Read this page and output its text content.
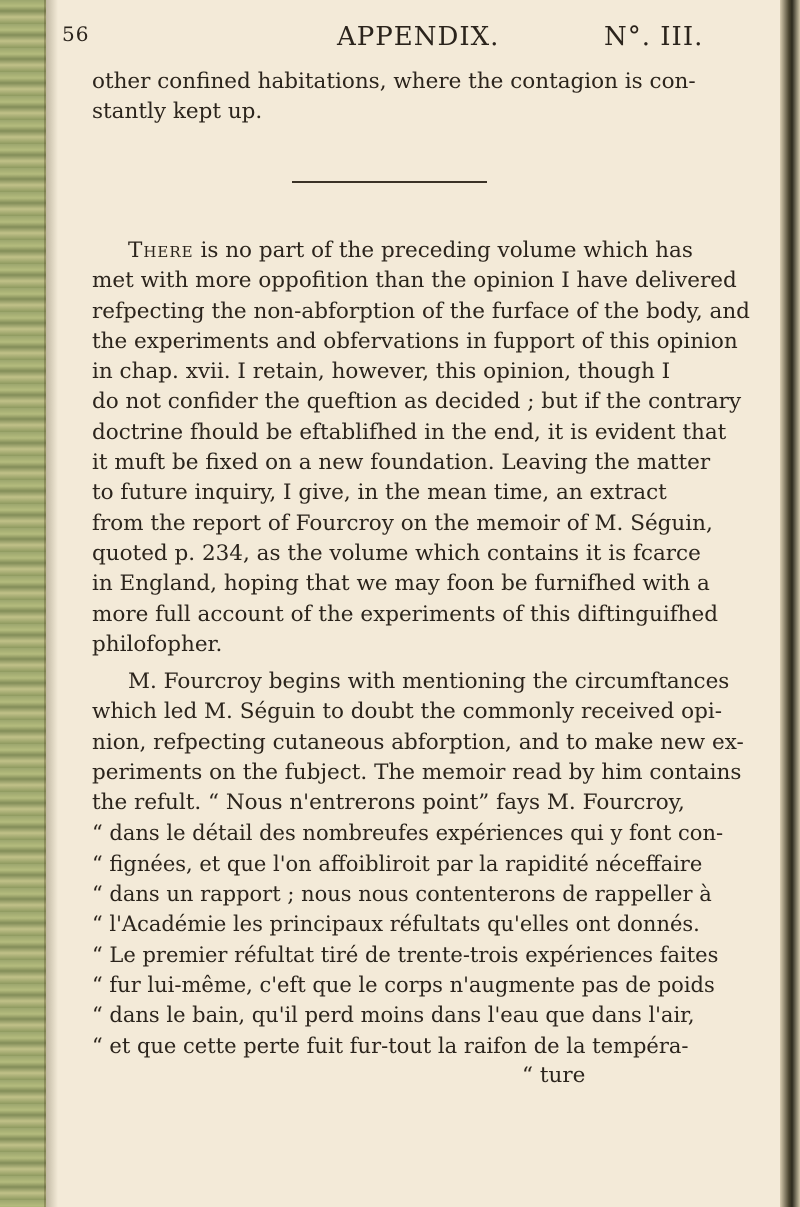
56	APPENDIX.	N°. III.
other confined habitations, where the contagion is con-
stantly kept up.
There is no part of the preceding volume which has
met with more oppofition than the opinion I have delivered
refpecting the non-abforption of the furface of the body, and
the experiments and obfervations in fupport of this opinion
in chap. xvii. I retain, however, this opinion, though I
do not confider the queftion as decided ; but if the contrary
doctrine fhould be eftablifhed in the end, it is evident that
it muft be fixed on a new foundation. Leaving the matter
to future inquiry, I give, in the mean time, an extract
from the report of Fourcroy on the memoir of M. Séguin,
quoted p. 234, as the volume which contains it is fcarce
in England, hoping that we may foon be furnifhed with a
more full account of the experiments of this diftinguifhed
philofopher.
M. Fourcroy begins with mentioning the circumftances
which led M. Séguin to doubt the commonly received opi-
nion, refpecting cutaneous abforption, and to make new ex-
periments on the fubject. The memoir read by him contains
the refult. “ Nous n'entrerons point” fays M. Fourcroy,
“ dans le détail des nombreufes expériences qui y font con-
“ fignées, et que l'on affoibliroit par la rapidité néceffaire
“ dans un rapport ; nous nous contenterons de rappeller à
“ l'Académie les principaux réfultats qu'elles ont donnés.
“ Le premier réfultat tiré de trente-trois expériences faites
“ fur lui-même, c'eft que le corps n'augmente pas de poids
“ dans le bain, qu'il perd moins dans l'eau que dans l'air,
“ et que cette perte fuit fur-tout la raifon de la tempéra-
“ ture
